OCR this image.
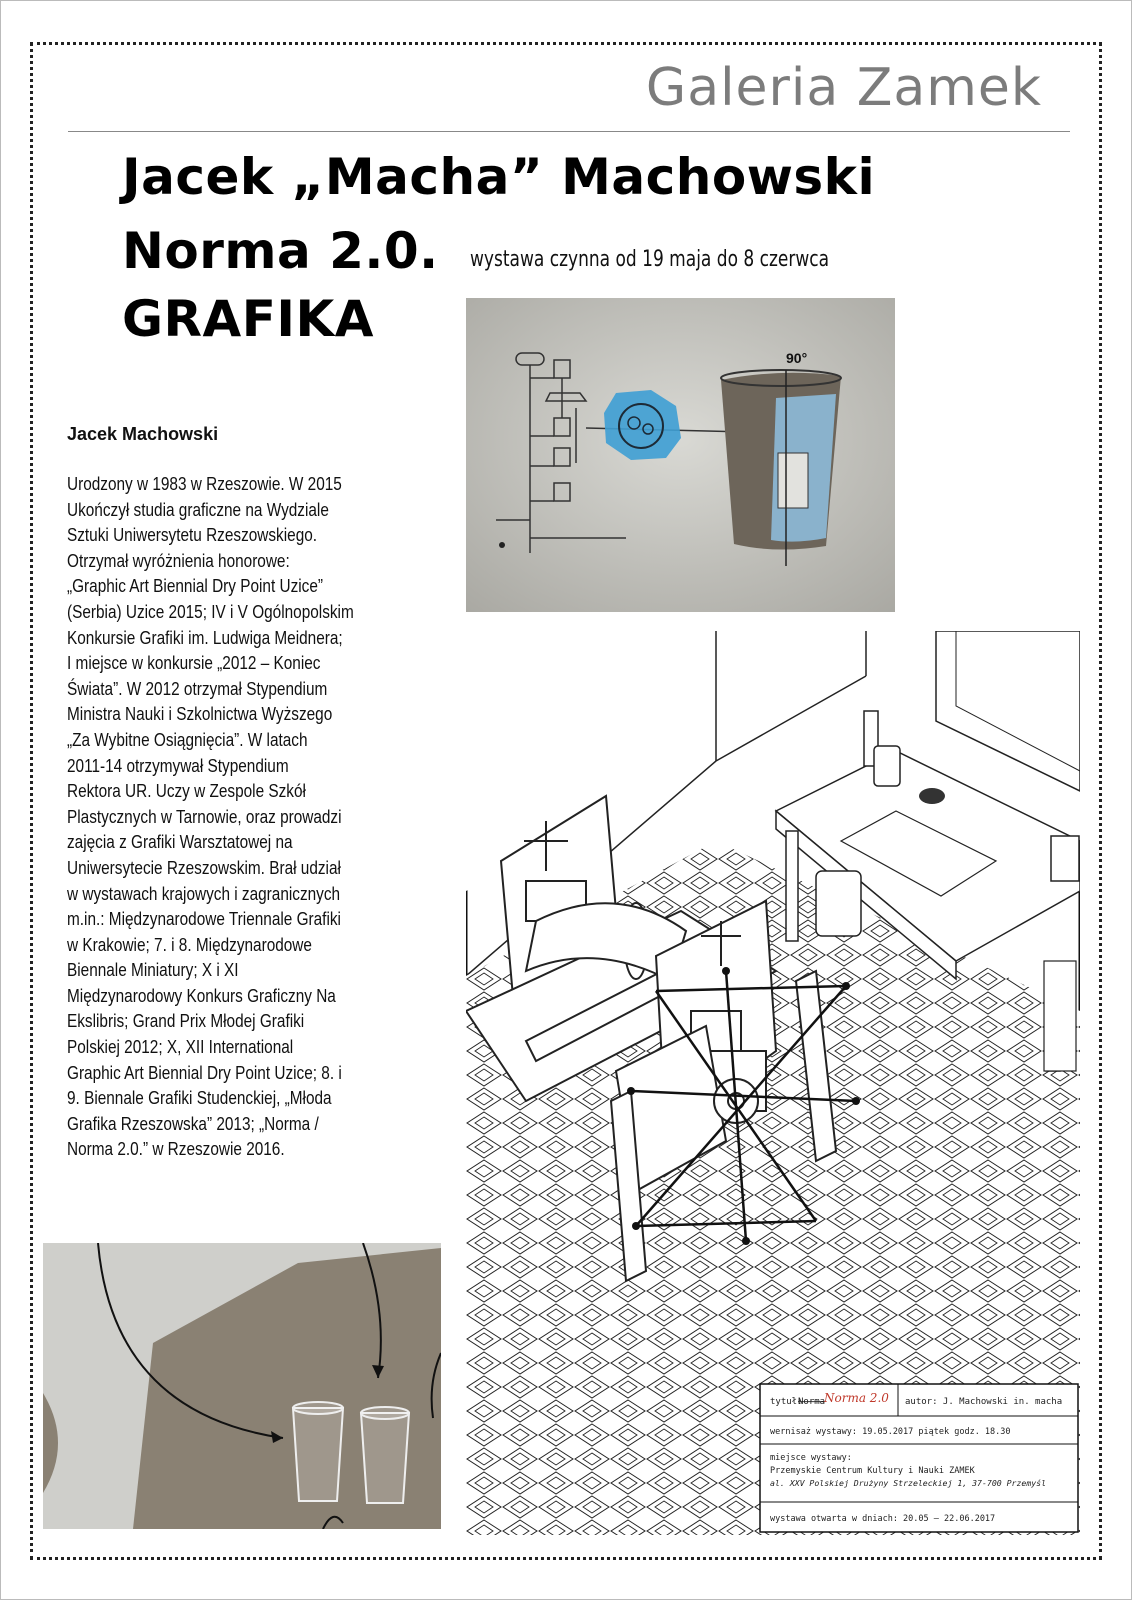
Galeria Zamek
Jacek „Macha” Machowski
Norma 2.0. wystawa czynna od 19 maja do 8 czerwca
GRAFIKA
Jacek Machowski
Urodzony w 1983 w Rzeszowie. W 2015
Ukończył studia graficzne na Wydziale
Sztuki Uniwersytetu Rzeszowskiego.
Otrzymał wyróżnienia honorowe:
„Graphic Art Biennial Dry Point Uzice”
(Serbia) Uzice 2015; IV i V Ogólnopolskim
Konkursie Grafiki im. Ludwiga Meidnera;
I miejsce w konkursie „2012 – Koniec
Świata”. W 2012 otrzymał Stypendium
Ministra Nauki i Szkolnictwa Wyższego
„Za Wybitne Osiągnięcia”. W latach
2011-14 otrzymywał Stypendium
Rektora UR. Uczy w Zespole Szkół
Plastycznych w Tarnowie, oraz prowadzi
zajęcia z Grafiki Warsztatowej na
Uniwersytecie Rzeszowskim. Brał udział
w wystawach krajowych i zagranicznych
m.in.: Międzynarodowe Triennale Grafiki
w Krakowie; 7. i 8. Międzynarodowe
Biennale Miniatury; X i XI
Międzynarodowy Konkurs Graficzny Na
Ekslibris; Grand Prix Młodej Grafiki
Polskiej 2012; X, XII International
Graphic Art Biennial Dry Point Uzice; 8. i
9. Biennale Grafiki Studenckiej, „Młoda
Grafika Rzeszowska” 2013; „Norma /
Norma 2.0.” w Rzeszowie 2016.
90°
tytuł:
Norma
Norma 2.0 autor: J. Machowski in. macha
wernisaż wystawy: 19.05.2017 piątek godz. 18.30
miejsce wystawy:
Przemyskie Centrum Kultury i Nauki ZAMEK
al. XXV Polskiej Drużyny Strzeleckiej 1, 37-700 Przemyśl
wystawa otwarta w dniach: 20.05 – 22.06.2017
